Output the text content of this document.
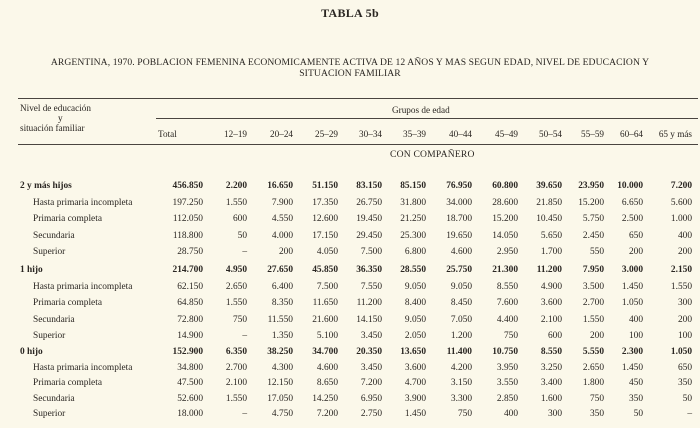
TABLA 5b
ARGENTINA, 1970. POBLACION FEMENINA ECONOMICAMENTE ACTIVA DE 12 AÑOS Y MAS SEGUN EDAD, NIVEL DE EDUCACION Y
SITUACION FAMILIAR
Nivel de educación
y
situación familiar
Grupos de edad
Total	12–19	20–24 25–29 30–34 35–39	40–44	45–49 50–54 55–59 60–64 65 y más
CON COMPAÑERO
2 y más hijos	456.850 2.200 16.650 51.150 83.150 85.150 76.950 60.800 39.650 23.950 10.000	7.200
Hasta primaria incompleta	197.250 1.550	7.900 17.350 26.750 31.800 34.000 28.600 21.850 15.200 6.650	5.600
Primaria completa	112.050	600	4.550 12.600 19.450 21.250 18.700 15.200 10.450 5.750 2.500	1.000
Secundaria	118.800	50	4.000 17.150 29.450 25.300 19.650 14.050 5.650 2.450	650	400
Superior	28.750	–	200	4.050 7.500 6.800	4.600	2.950 1.700	550	200	200
1 hijo	214.700 4.950 27.650 45.850 36.350 28.550 25.750 21.300 11.200 7.950 3.000	2.150
Hasta primaria incompleta	62.150 2.650	6.400	7.500 7.550 9.050	9.050	8.550 4.900 3.500 1.450	1.550
Primaria completa	64.850 1.550	8.350 11.650 11.200 8.400	8.450	7.600 3.600 2.700 1.050	300
Secundaria	72.800	750 11.550 21.600 14.150 9.050	7.050	4.400 2.100 1.550	400	200
Superior	14.900	–	1.350	5.100 3.450 2.050	1.200	750	600	200	100	100
0 hijo	152.900 6.350 38.250 34.700 20.350 13.650 11.400 10.750 8.550 5.550 2.300	1.050
Hasta primaria incompleta	34.800 2.700	4.300	4.600 3.450 3.600	4.200	3.950 3.250 2.650 1.450	650
Primaria completa	47.500 2.100 12.150	8.650 7.200 4.700	3.150	3.550 3.400 1.800	450	350
Secundaria	52.600 1.550 17.050 14.250 6.950 3.900	3.300	2.850 1.600	750	350	50
Superior	18.000	–	4.750	7.200 2.750 1.450	750	400	300	350	50	–
